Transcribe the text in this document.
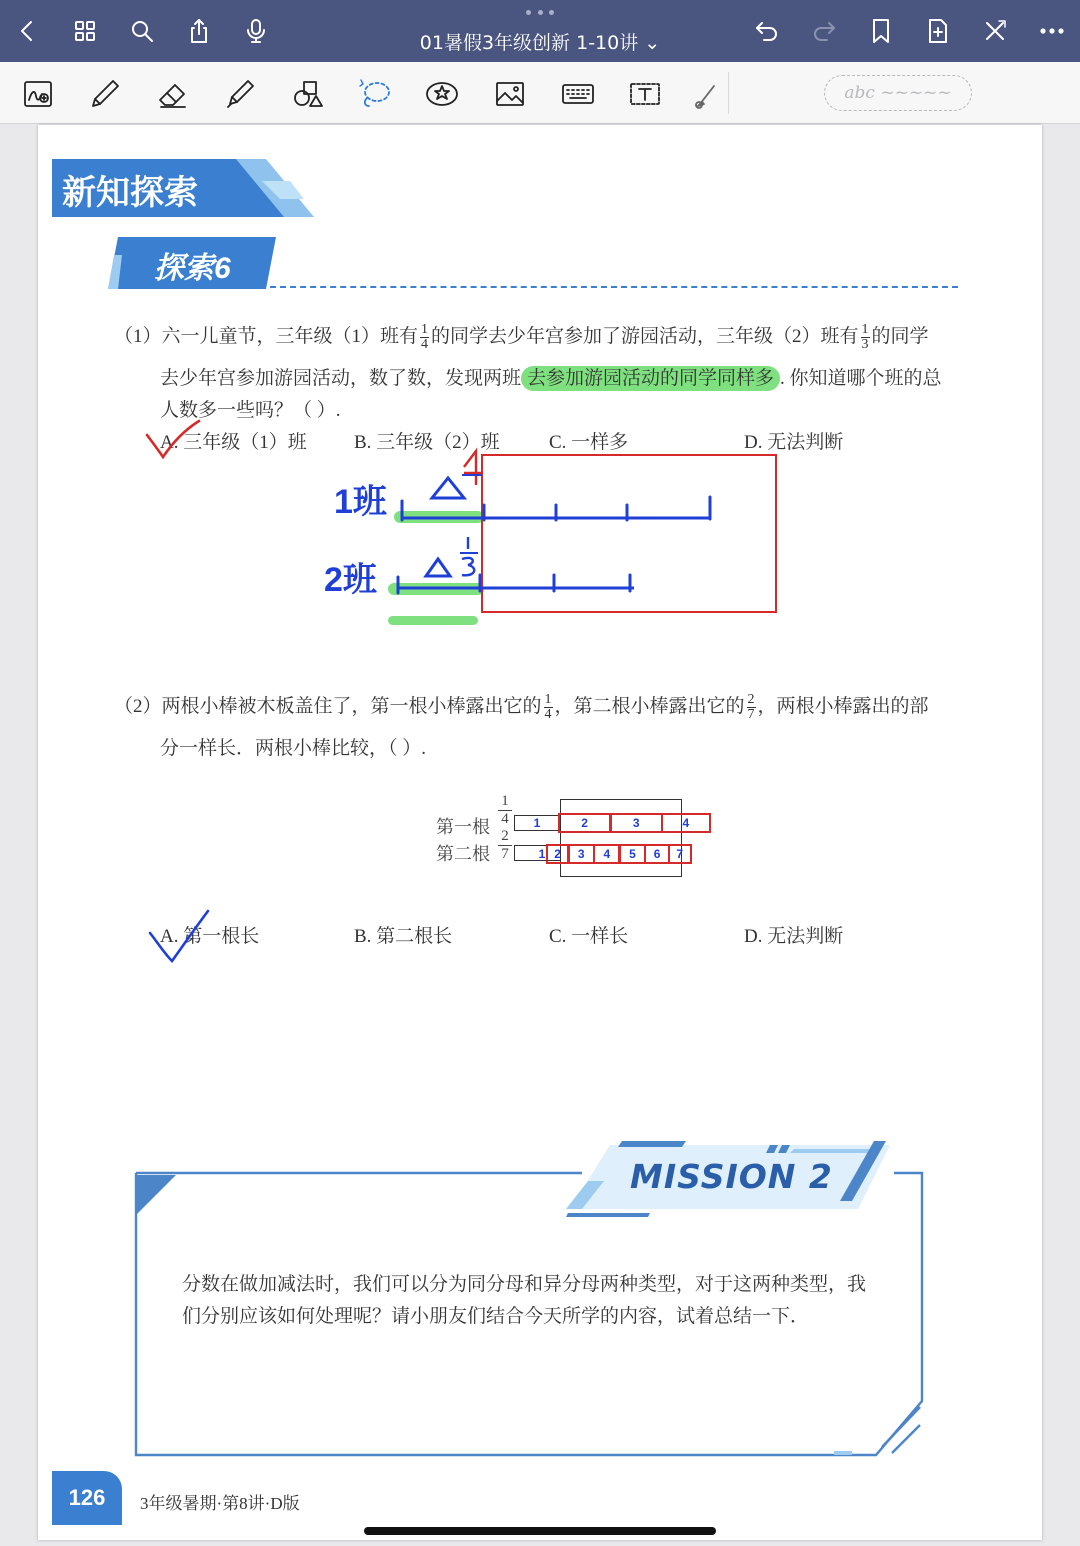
01暑假3年级创新 1-10讲 ⌄
abc ~~~~~
新知探索
探索6
（1）六一儿童节，三年级（1）班有 $\frac{1}{4}$ 的同学去少年宫参加了游园活动，三年级（2）班有 $\frac{1}{3}$ 的同学
去少年宫参加游园活动，数了数，发现两班 去参加游园活动的同学同样多 . 你知道哪个班的总
人数多一些吗？（ ）.
A. 三年级（1）班 B. 三年级（2）班	C. 一样多	D. 无法判断
1班
2班
（2）两根小棒被木板盖住了，第一根小棒露出它的 $\frac{1}{4}$ ，第二根小棒露出它的 $\frac{2}{7}$ ，两根小棒露出的部
分一样长．两根小棒比较，（ ）.
第一根
第二根
1
4
2
7
1	2	3	4
1 2	3	4	5	6	7
A. 第一根长	B. 第二根长	C. 一样长	D. 无法判断
MISSION 2
分数在做加减法时，我们可以分为同分母和异分母两种类型，对于这两种类型，我
们分别应该如何处理呢？请小朋友们结合今天所学的内容，试着总结一下．
126	3年级暑期·第8讲·D版
